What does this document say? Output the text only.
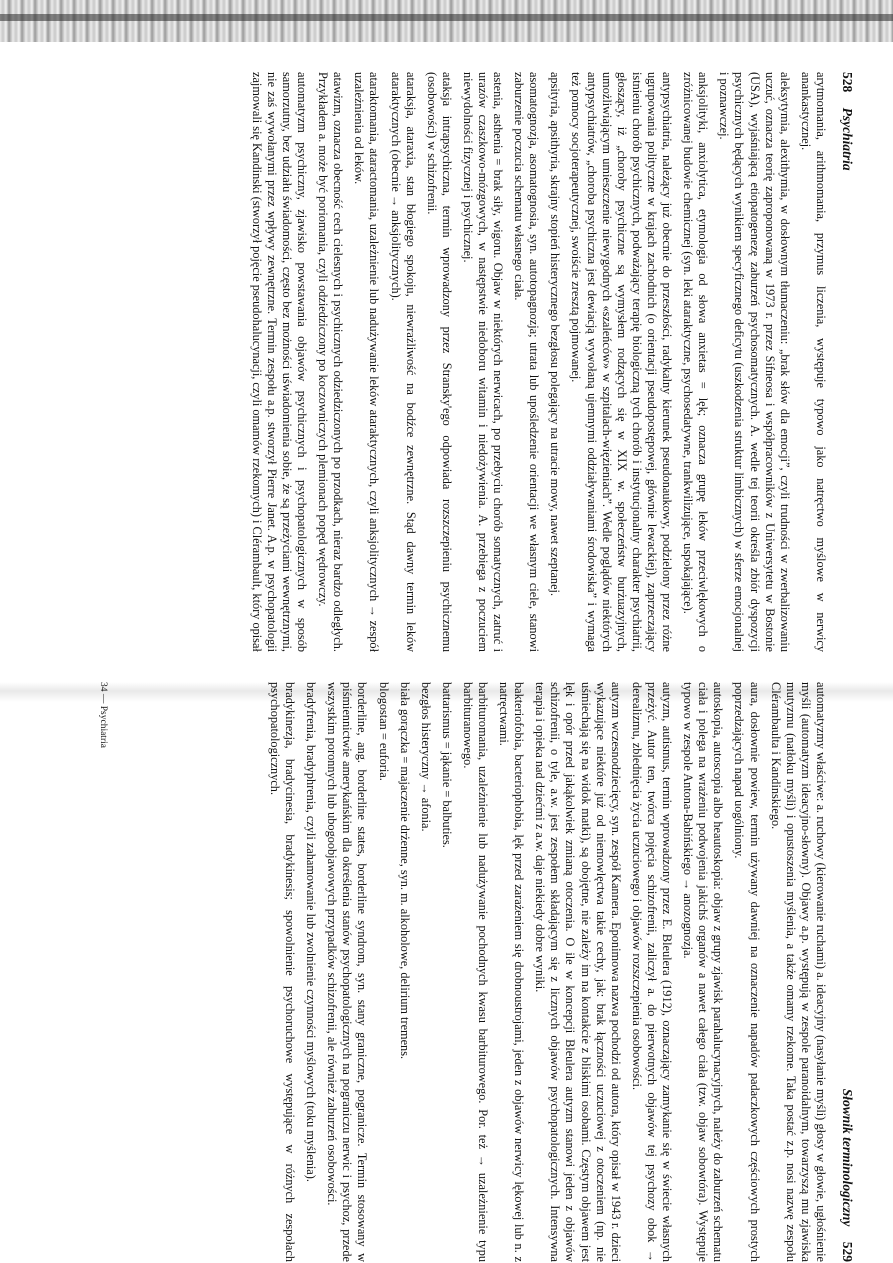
528 Psychiatria

arytmomania, arithmomania, przymus liczenia, występuje typowo jako natręctwo myślowe w nerwicy anankastycznej.

aleksytymia, alexithymia, w dosłownym tłumaczeniu: „brak słów dla emocji”, czyli trudności w zwerbalizowaniu uczuć, oznacza teorię zaproponowaną w 1973 r. przez Sifneosa i współpracowników z Uniwersytetu w Bostonie (USA), wyjaśniającą etiopatogenezę zaburzeń psychosomatycznych. A. wedle tej teorii określa zbiór dyspozycji psychicznych będących wynikiem specyficznego deficytu (uszkodzenia struktur limbicznych) w sferze emocjonalnej i poznawczej.

anksjolityki, anxiolytica, etymologia od słowa anxietas = lęk; oznacza grupę leków przeciwlękowych o zróżnicowanej budowie chemicznej (syn. leki ataraktyczne, psychosedatywne, trankwilizujące, uspokajające).

antypsychiatria, należący już obecnie do przeszłości, radykalny kierunek pseudonaukowy, podzielony przez różne ugrupowania polityczne w krajach zachodnich (o orientacji pseudopostępowej, głównie lewackiej), zaprzeczający istnieniu chorób psychicznych, podważający terapię biologiczną tych chorób i instytucjonalny charakter psychiatrii, głoszący, iż „choroby psychiczne są wymysłem rodzących się w XIX w. społeczeństw burżuazyjnych, umożliwiającym umieszczenie niewygodnych «szaleńców» w szpitalach-więzieniach”. Wedle poglądów niektórych antypsychiatrów, „choroba psychiczna jest dewiacją wywołaną ujemnymi oddziaływaniami środowiska” i wymaga też pomocy socjoterapeutycznej, swoiście zresztą pojmowanej.

apsityria, apsithyria, skrajny stopień histerycznego bezgłosu polegający na utracie mowy, nawet szeptanej.

asomatognozja, asomatognosia, syn. autotopagnozja; utrata lub upośledzenie orientacji we własnym ciele, stanowi zaburzenie poczucia schematu własnego ciała.

astenia, asthenia = brak siły, wigoru. Objaw w niektórych nerwicach, po przebyciu chorób somatycznych, zatruć i urazów czaszkowo-mózgowych, w następstwie niedoboru witamin i niedożywienia. A. przebiega z poczuciem niewydolności fizycznej i psychicznej.

ataksja intrapsychiczna, termin wprowadzony przez Stransky'ego odpowiada rozszczepieniu psychicznemu (osobowości) w schizofrenii.

ataraksja, ataraxia, stan błogiego spokoju, niewrażliwość na bodźce zewnętrzne. Stąd dawny termin leków ataraktycznych (obecnie → anksjolitycznych).

ataraktomania, ataractomania, uzależnienie lub nadużywanie leków ataraktycznych, czyli anksjolitycznych → zespół uzależnienia od leków.

atawizm, oznacza obecność cech cielesnych i psychicznych odziedziczonych po przodkach, nieraz bardzo odległych. Przykładem a. może być poriomania, czyli odziedziczony po koczowniczych plemionach popęd wędrowczy.

automatyzm psychiczny, zjawisko powstawania objawów psychicznych i psychopatologicznych w sposób samorzutny, bez udziału świadomości, często bez możności uświadomienia sobie, że są przeżyciami wewnętrznymi, nie zaś wywołanymi przez wpływy zewnętrzne. Termin zespołu a.p. stworzył Pierre Janet. A.p. w psychopatologii zajmowali się Kandinski (stworzył pojęcie pseudohalucynacji, czyli omamów rzekomych) i Clérambault, który opisał

Słownik terminologiczny 529

automatyzmy właściwe: a. ruchowy (kierowanie ruchami) a. ideacyjny (nasyłanie myśli) głosy w głowie, ugłośnienie myśli (automatyzm ideacyjno-słowny). Objawy a.p. występują w zespole paranoidalnym, towarzyszą mu zjawiska mutyzmu (natłoku myśli) i opustoszenia myślenia, a także omamy rzekome. Taka postać z.p. nosi nazwę zespołu Clérambaulta i Kandinskiego.

aura, dosłownie powiew, termin używany dawniej na oznaczenie napadów padaczkowych częściowych prostych poprzedzających napad uogólniony.

autoskopia, autoscopia albo heautoskopia: objaw z grupy zjawisk parahalucynacyjnych, należy do zaburzeń schematu ciała i polega na wrażeniu podwojenia jakichś organów a nawet całego ciała (tzw. objaw sobowtóra). Występuje typowo w zespole Antona-Babińskiego → anozognozja.

autyzm, autismus, termin wprowadzony przez E. Bleulera (1912), oznaczający zamykanie się w świecie własnych przeżyć. Autor ten, twórca pojęcia schizofrenii, zaliczył a. do pierwotnych objawów tej psychozy obok → derealizmu, zblednięcia życia uczuciowego i objawów rozszczepienia osobowości.

autyzm wczesnodziecięcy, syn. zespół Kannera. Eponimowa nazwa pochodzi od autora, który opisał w 1943 r. dzieci wykazujące niektóre już od niemowlęctwa takie cechy, jak: brak łączności uczuciowej z otoczeniem (np. nie uśmiechają się na widok matki), są obojętne, nie zależy im na kontakcie z bliskimi osobami. Częstym objawem jest lęk i opór przed jakąkolwiek zmianą otoczenia. O ile w koncepcji Bleulera autyzm stanowi jeden z objawów schizofrenii, o tyle, a.w. jest zespołem składającym się z licznych objawów psychopatologicznych. Intensywna terapia i opieka nad dziećmi z a.w. daje niekiedy dobre wyniki.

bakteriofobia, bacteriophobia, lęk przed zarażeniem się drobnoustrojami, jeden z objawów nerwicy lękowej lub n. z natręctwami.

barbituromania, uzależnienie lub nadużywanie pochodnych kwasu barbiturowego. Por. też → uzależnienie typu barbituranowego.

battarismus = jąkanie = balbuties.

bezgłos histeryczny → afonia.

biała gorączka = majaczenie drżenne, syn. m. alkoholowe, delirium tremens.

blogostan = euforia.

borderline, ang. borderline states, borderline syndrom, syn. stany graniczne, pogranicze. Termin stosowany w piśmiennictwie amerykańskim dla określenia stanów psychopatologicznych na pograniczu nerwic i psychoz, przede wszystkim poronnych lub ubogoobjawowych przypadków schizofrenii, ale również zaburzeń osobowości.

bradyfrenia, bradyphrenia, czyli zahamowanie lub zwolnienie czynności myślowych (toku myślenia).

bradykinezja, bradycinesia, bradykinesis; spowolnienie psychoruchowe występujące w różnych zespołach psychopatologicznych.

34 — Psychiatria
